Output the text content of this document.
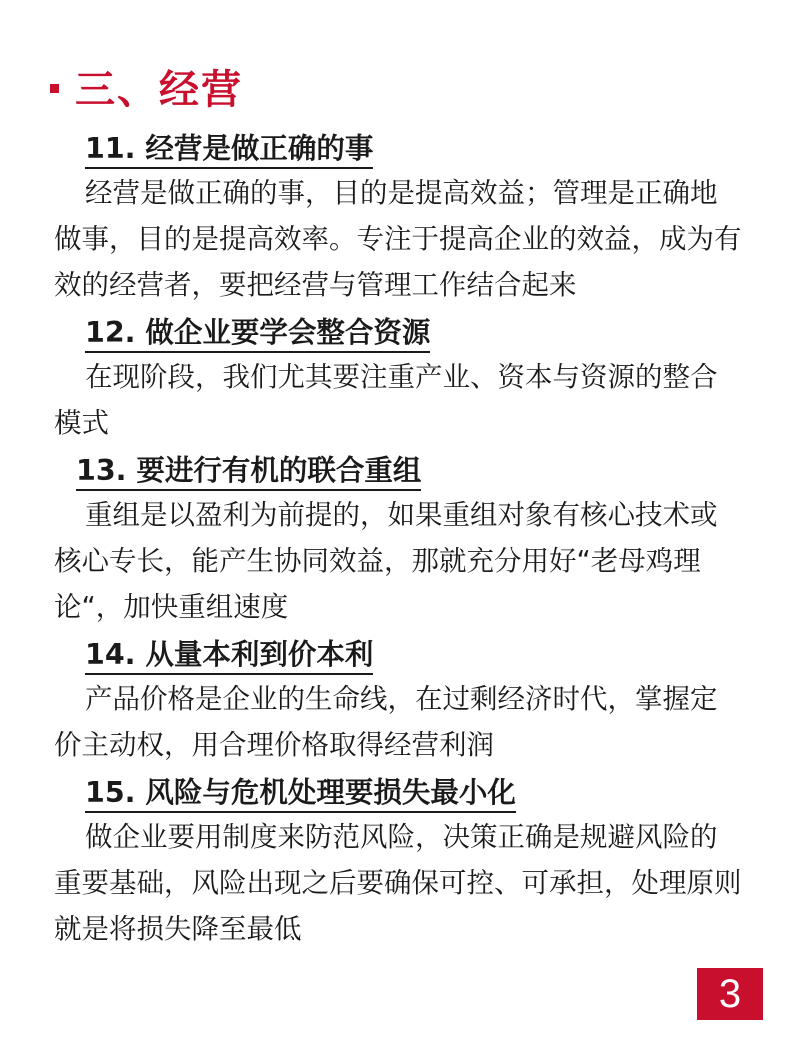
三、经营
11. 经营是做正确的事

经营是做正确的事，目的是提高效益；管理是正确地做事，目的是提高效率。专注于提高企业的效益，成为有效的经营者，要把经营与管理工作结合起来

12. 做企业要学会整合资源

在现阶段，我们尤其要注重产业、资本与资源的整合模式

13. 要进行有机的联合重组

重组是以盈利为前提的，如果重组对象有核心技术或核心专长，能产生协同效益，那就充分用好“老母鸡理论“，加快重组速度

14. 从量本利到价本利

产品价格是企业的生命线，在过剩经济时代，掌握定价主动权，用合理价格取得经营利润

15. 风险与危机处理要损失最小化

做企业要用制度来防范风险，决策正确是规避风险的重要基础，风险出现之后要确保可控、可承担，处理原则就是将损失降至最低

3
